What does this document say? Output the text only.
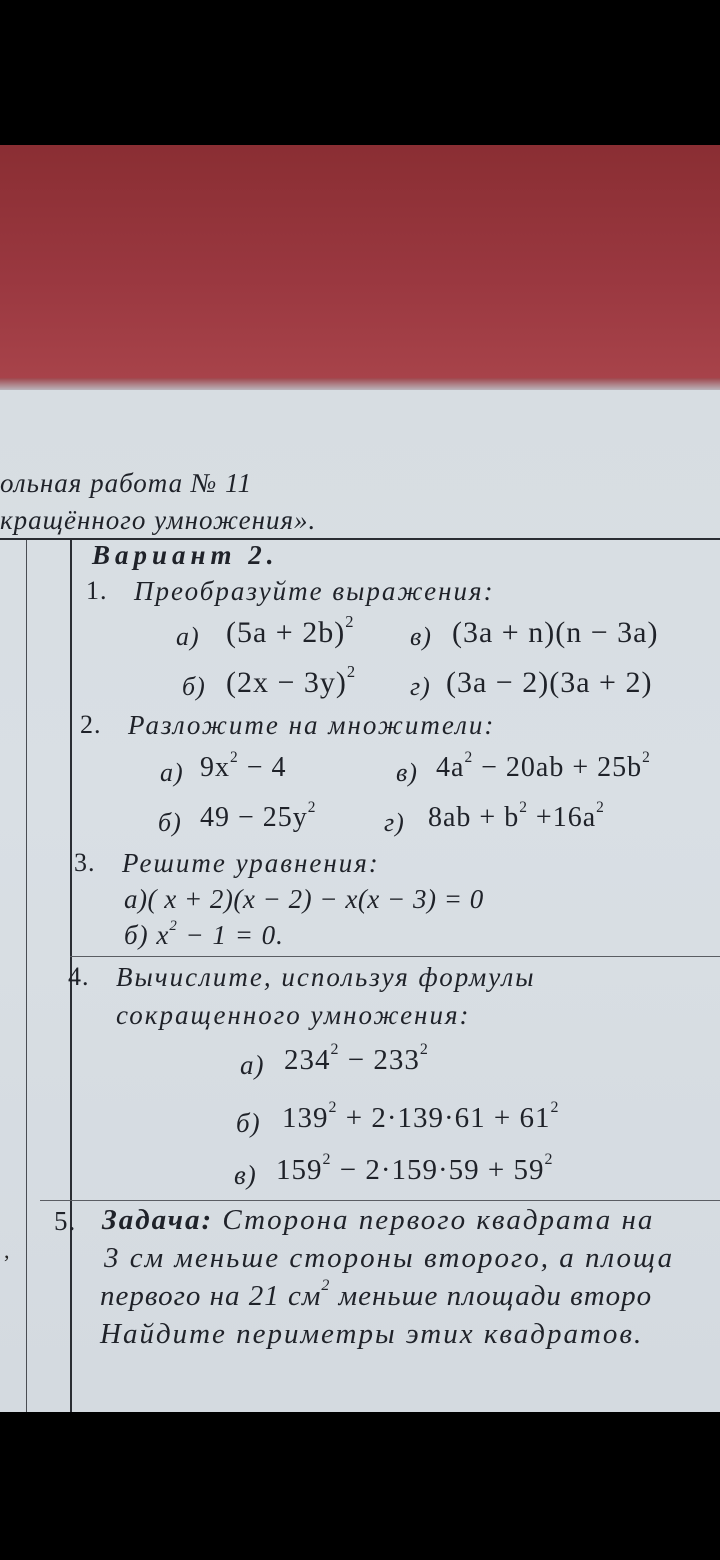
ольная работа № 11
кращённого умножения».
,
Вариант 2.
1. Преобразуйте выражения:
а) $(5a + 2b)^2$
в) (3a + n)(n − 3a)
б) $(2x - 3y)^2$
г) (3a − 2)(3a + 2)
2. Разложите на множители:
а) $9x^2 - 4$	в) $4a^2 - 20ab + 25b^2$
б) $49 - 25y^2$
г) $8ab + b^2 +16a^2$
3. Решите уравнения:
а)( x + 2)(x − 2) − x(x − 3) = 0
б) $x^2 - 1 = 0$.
4. Вычислите, используя формулы
сокращенного умножения:
а) $234^2 - 233^2$
б) $139^2 + 2\cdot 139\cdot 61 + 61^2$
в) $159^2 - 2\cdot 159\cdot 59 + 59^2$
5. Задача: Сторона первого квадрата на
3 см меньше стороны второго, а площа
первого на 21 $см^2$ меньше площади второ
Найдите периметры этих квадратов.
